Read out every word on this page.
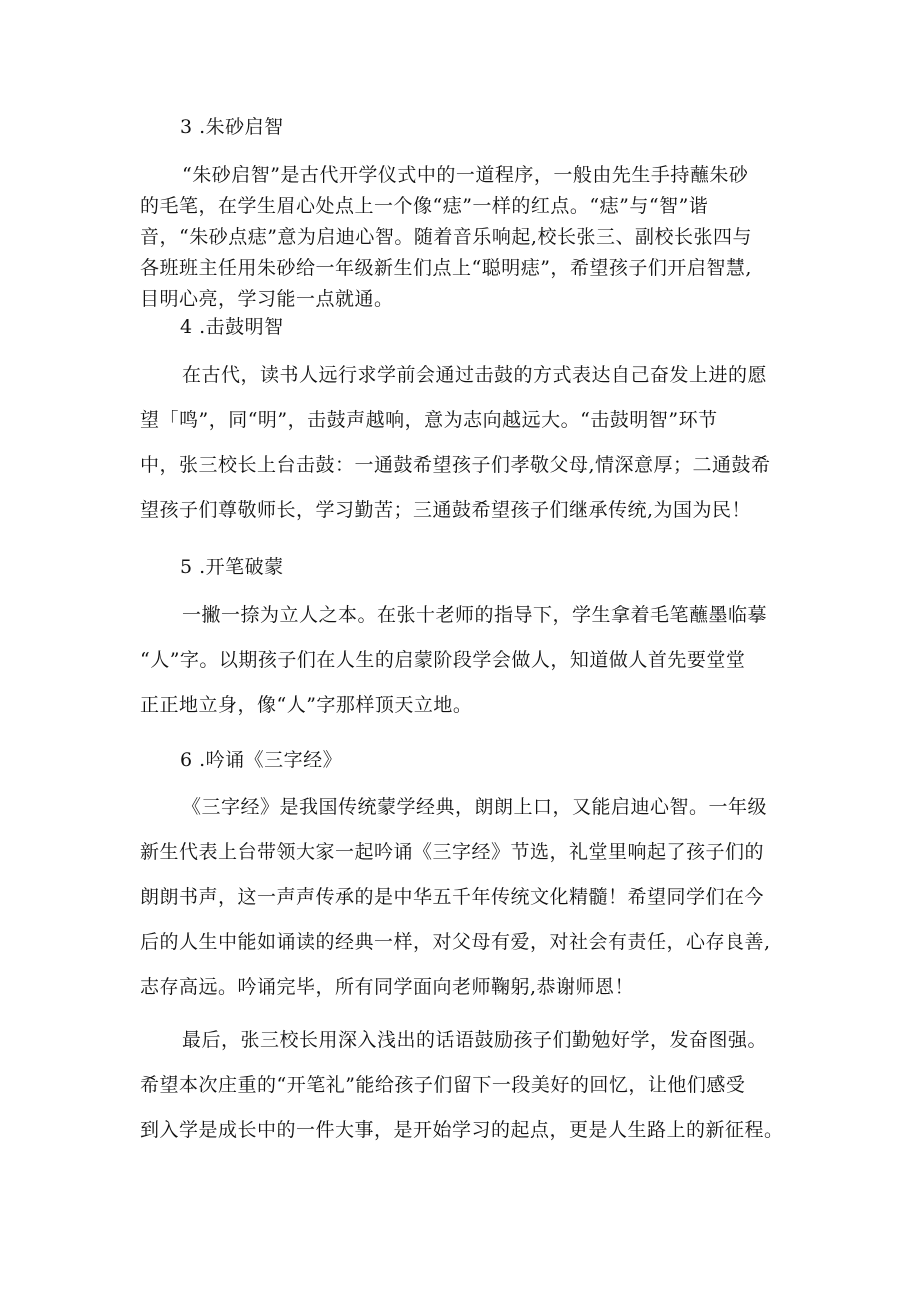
3 .朱砂启智
“朱砂启智”是古代开学仪式中的一道程序，一般由先生手持蘸朱砂
的毛笔，在学生眉心处点上一个像“痣”一样的红点。“痣”与“智”谐
音，“朱砂点痣”意为启迪心智。随着音乐响起,校长张三、副校长张四与
各班班主任用朱砂给一年级新生们点上“聪明痣”，希望孩子们开启智慧,
目明心亮，学习能一点就通。
4 .击鼓明智
在古代，读书人远行求学前会通过击鼓的方式表达自己奋发上进的愿
望「鸣”，同“明”，击鼓声越响，意为志向越远大。“击鼓明智”环节
中，张三校长上台击鼓：一通鼓希望孩子们孝敬父母,情深意厚；二通鼓希
望孩子们尊敬师长，学习勤苦；三通鼓希望孩子们继承传统,为国为民！
5 .开笔破蒙
一撇一捺为立人之本。在张十老师的指导下，学生拿着毛笔蘸墨临摹
“人”字。以期孩子们在人生的启蒙阶段学会做人，知道做人首先要堂堂
正正地立身，像“人”字那样顶天立地。
6 .吟诵《三字经》
《三字经》是我国传统蒙学经典，朗朗上口，又能启迪心智。一年级
新生代表上台带领大家一起吟诵《三字经》节选，礼堂里响起了孩子们的
朗朗书声，这一声声传承的是中华五千年传统文化精髓！希望同学们在今
后的人生中能如诵读的经典一样，对父母有爱，对社会有责任，心存良善,
志存高远。吟诵完毕，所有同学面向老师鞠躬,恭谢师恩！
最后，张三校长用深入浅出的话语鼓励孩子们勤勉好学，发奋图强。
希望本次庄重的“开笔礼”能给孩子们留下一段美好的回忆，让他们感受
到入学是成长中的一件大事，是开始学习的起点，更是人生路上的新征程。
